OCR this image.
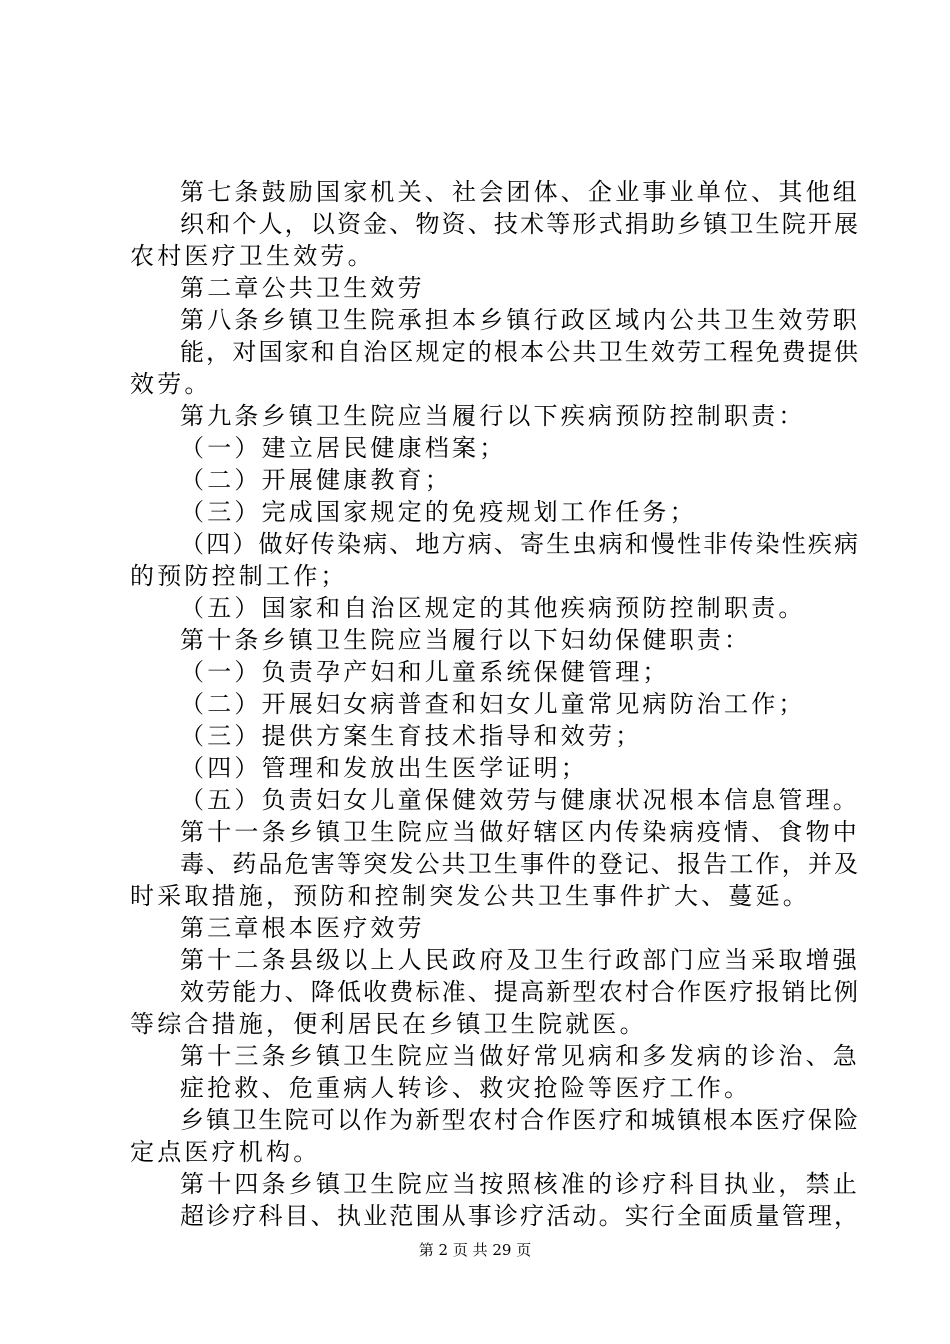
第七条鼓励国家机关、社会团体、企业事业单位、其他组
织和个人，以资金、物资、技术等形式捐助乡镇卫生院开展
农村医疗卫生效劳。
第二章公共卫生效劳
第八条乡镇卫生院承担本乡镇行政区域内公共卫生效劳职
能，对国家和自治区规定的根本公共卫生效劳工程免费提供
效劳。
第九条乡镇卫生院应当履行以下疾病预防控制职责：
（一）建立居民健康档案；
（二）开展健康教育；
（三）完成国家规定的免疫规划工作任务；
（四）做好传染病、地方病、寄生虫病和慢性非传染性疾病
的预防控制工作；
（五）国家和自治区规定的其他疾病预防控制职责。
第十条乡镇卫生院应当履行以下妇幼保健职责：
（一）负责孕产妇和儿童系统保健管理；
（二）开展妇女病普查和妇女儿童常见病防治工作；
（三）提供方案生育技术指导和效劳；
（四）管理和发放出生医学证明；
（五）负责妇女儿童保健效劳与健康状况根本信息管理。
第十一条乡镇卫生院应当做好辖区内传染病疫情、食物中
毒、药品危害等突发公共卫生事件的登记、报告工作，并及
时采取措施，预防和控制突发公共卫生事件扩大、蔓延。
第三章根本医疗效劳
第十二条县级以上人民政府及卫生行政部门应当采取增强
效劳能力、降低收费标准、提高新型农村合作医疗报销比例
等综合措施，便利居民在乡镇卫生院就医。
第十三条乡镇卫生院应当做好常见病和多发病的诊治、急
症抢救、危重病人转诊、救灾抢险等医疗工作。
乡镇卫生院可以作为新型农村合作医疗和城镇根本医疗保险
定点医疗机构。
第十四条乡镇卫生院应当按照核准的诊疗科目执业，禁止
超诊疗科目、执业范围从事诊疗活动。实行全面质量管理，
第 2 页 共 29 页
